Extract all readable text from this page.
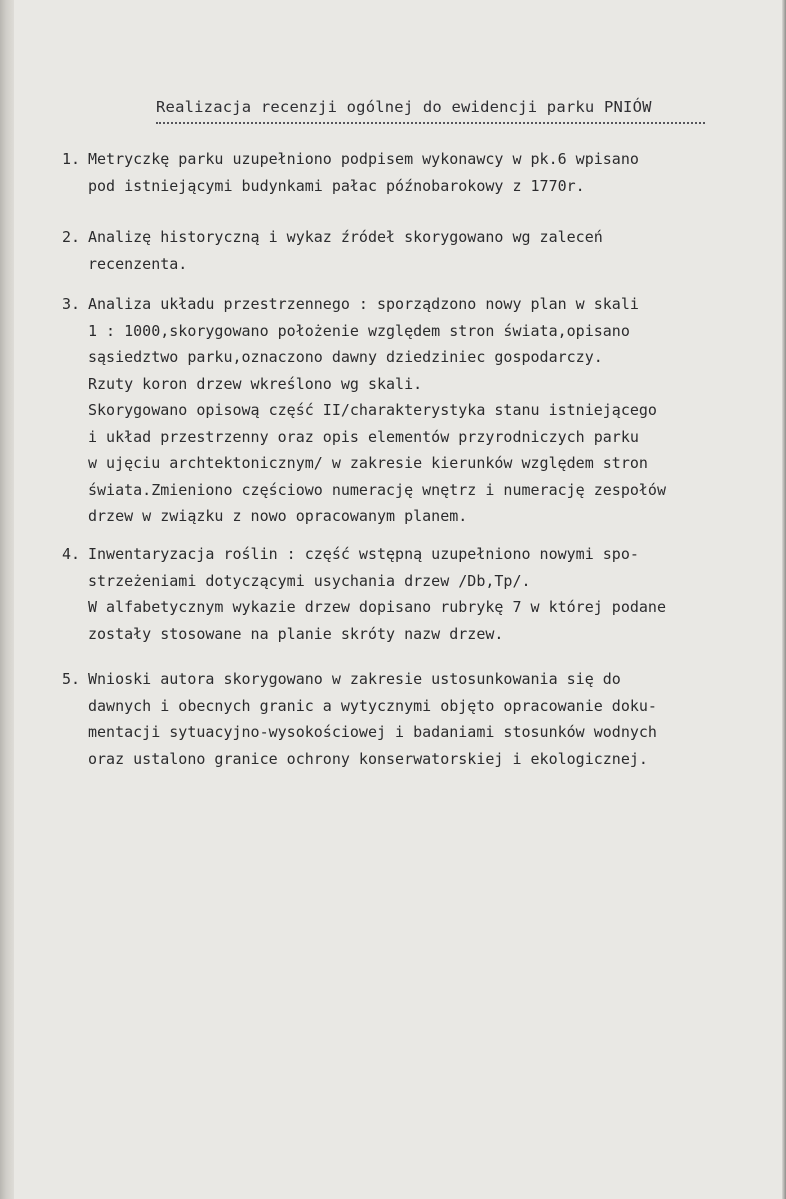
Realizacja recenzji ogólnej do ewidencji parku PNIÓW
1. Metryczkę parku uzupełniono podpisem wykonawcy w pk.6 wpisano
pod istniejącymi budynkami pałac późnobarokowy z 1770r.
2. Analizę historyczną i wykaz źródeł skorygowano wg zaleceń
recenzenta.
3. Analiza układu przestrzennego : sporządzono nowy plan w skali
1 : 1000,skorygowano położenie względem stron świata,opisano
sąsiedztwo parku,oznaczono dawny dziedziniec gospodarczy.
Rzuty koron drzew wkreślono wg skali.
Skorygowano opisową część II/charakterystyka stanu istniejącego
i układ przestrzenny oraz opis elementów przyrodniczych parku
w ujęciu archtektonicznym/ w zakresie kierunków względem stron
świata.Zmieniono częściowo numerację wnętrz i numerację zespołów
drzew w związku z nowo opracowanym planem.
4. Inwentaryzacja roślin : część wstępną uzupełniono nowymi spo-
strzeżeniami dotyczącymi usychania drzew /Db,Tp/.
W alfabetycznym wykazie drzew dopisano rubrykę 7 w której podane
zostały stosowane na planie skróty nazw drzew.
5. Wnioski autora skorygowano w zakresie ustosunkowania się do
dawnych i obecnych granic a wytycznymi objęto opracowanie doku-
mentacji sytuacyjno-wysokościowej i badaniami stosunków wodnych
oraz ustalono granice ochrony konserwatorskiej i ekologicznej.
